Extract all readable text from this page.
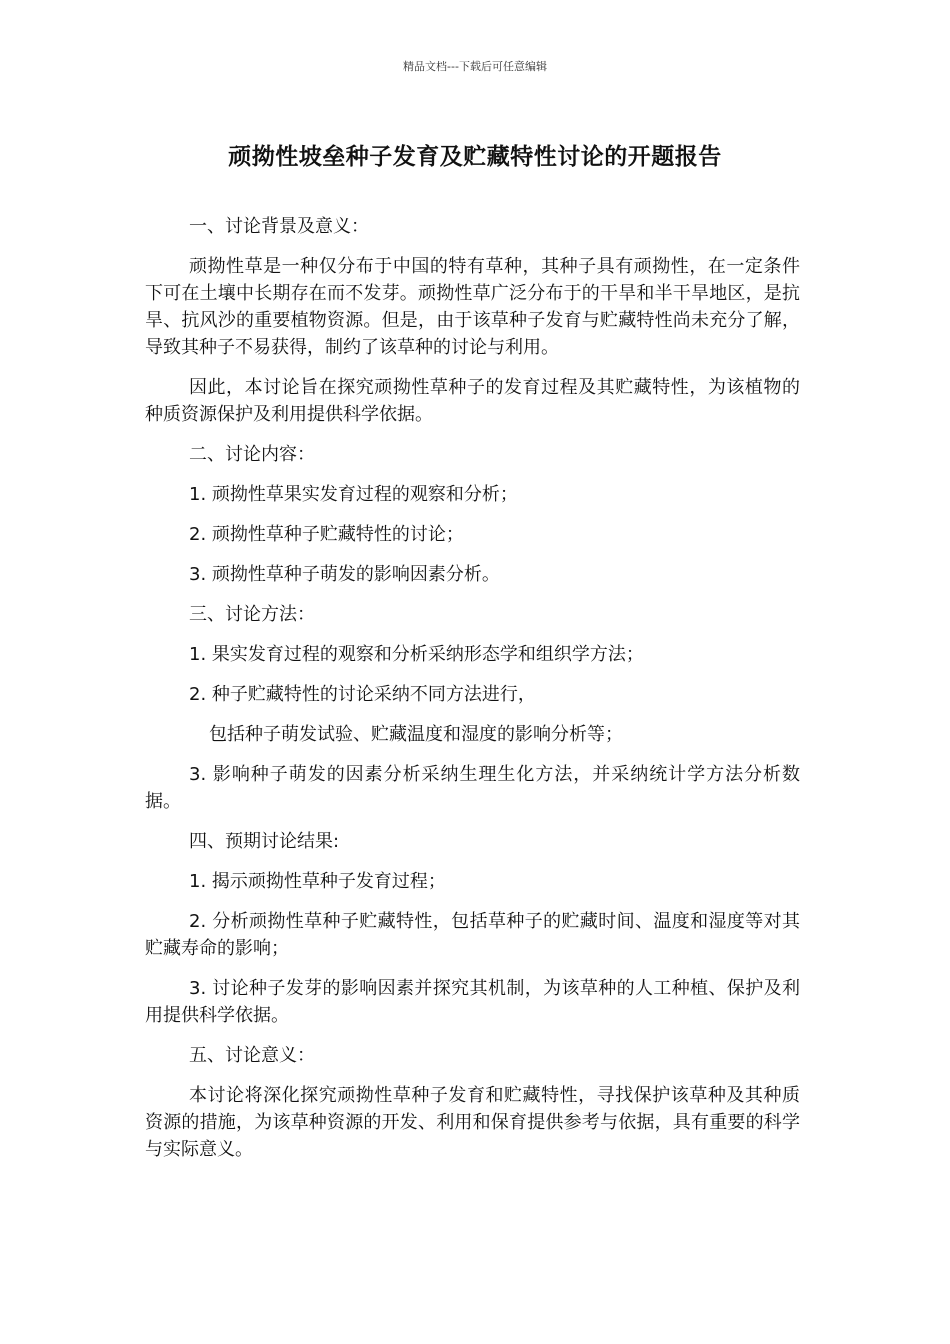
精品文档---下载后可任意编辑
顽拗性坡垒种子发育及贮藏特性讨论的开题报告

一、讨论背景及意义：

顽拗性草是一种仅分布于中国的特有草种，其种子具有顽拗性，在一定条件下可在土壤中长期存在而不发芽。顽拗性草广泛分布于的干旱和半干旱地区，是抗旱、抗风沙的重要植物资源。但是，由于该草种子发育与贮藏特性尚未充分了解，导致其种子不易获得，制约了该草种的讨论与利用。

因此，本讨论旨在探究顽拗性草种子的发育过程及其贮藏特性，为该植物的种质资源保护及利用提供科学依据。

二、讨论内容：

1. 顽拗性草果实发育过程的观察和分析；

2. 顽拗性草种子贮藏特性的讨论；

3. 顽拗性草种子萌发的影响因素分析。

三、讨论方法：

1. 果实发育过程的观察和分析采纳形态学和组织学方法；

2. 种子贮藏特性的讨论采纳不同方法进行，

包括种子萌发试验、贮藏温度和湿度的影响分析等；

3. 影响种子萌发的因素分析采纳生理生化方法，并采纳统计学方法分析数据。

四、预期讨论结果:

1. 揭示顽拗性草种子发育过程；

2. 分析顽拗性草种子贮藏特性，包括草种子的贮藏时间、温度和湿度等对其贮藏寿命的影响；

3. 讨论种子发芽的影响因素并探究其机制，为该草种的人工种植、保护及利用提供科学依据。

五、讨论意义：

本讨论将深化探究顽拗性草种子发育和贮藏特性，寻找保护该草种及其种质资源的措施，为该草种资源的开发、利用和保育提供参考与依据，具有重要的科学与实际意义。
